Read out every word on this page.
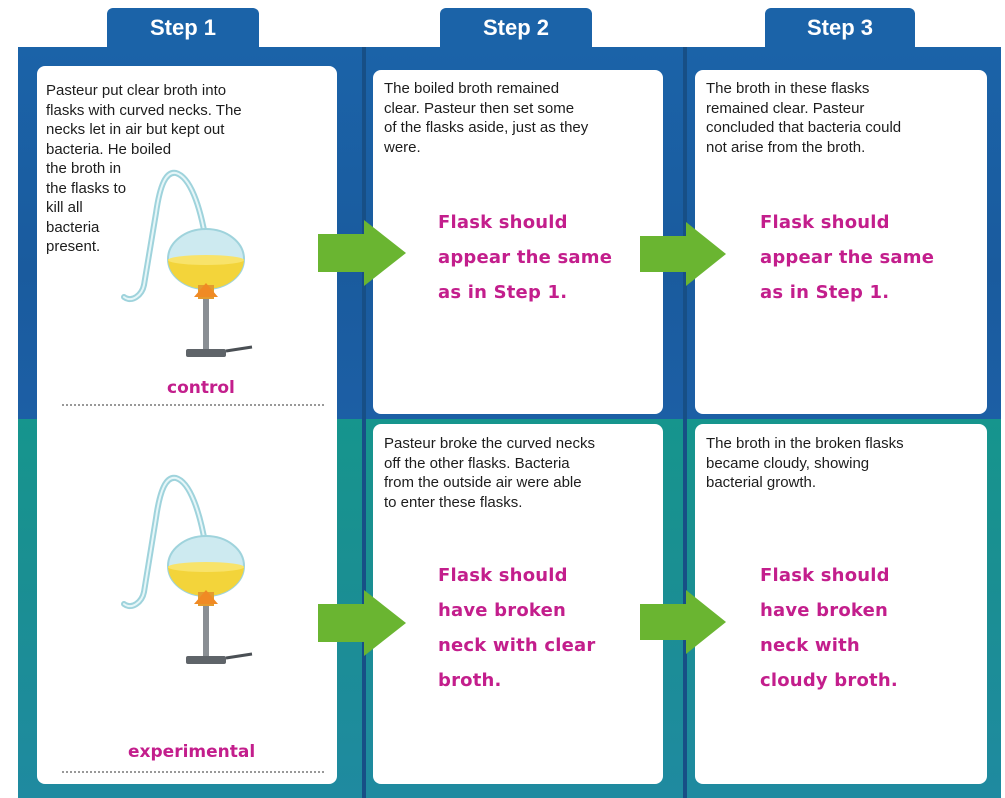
Step 1	Step 2	Step 3
Pasteur put clear broth into
flasks with curved necks. The
necks let in air but kept out
bacteria. He boiled
the broth in
the flasks to
kill all
bacteria
present.
control
experimental
The boiled broth remained
clear. Pasteur then set some
of the flasks aside, just as they
were.
Flask should
appear the same
as in Step 1.
Pasteur broke the curved necks
off the other flasks. Bacteria
from the outside air were able
to enter these flasks.
Flask should
have broken
neck with clear
broth.
The broth in these flasks
remained clear. Pasteur
concluded that bacteria could
not arise from the broth.
Flask should
appear the same
as in Step 1.
The broth in the broken flasks
became cloudy, showing
bacterial growth.
Flask should
have broken
neck with
cloudy broth.
